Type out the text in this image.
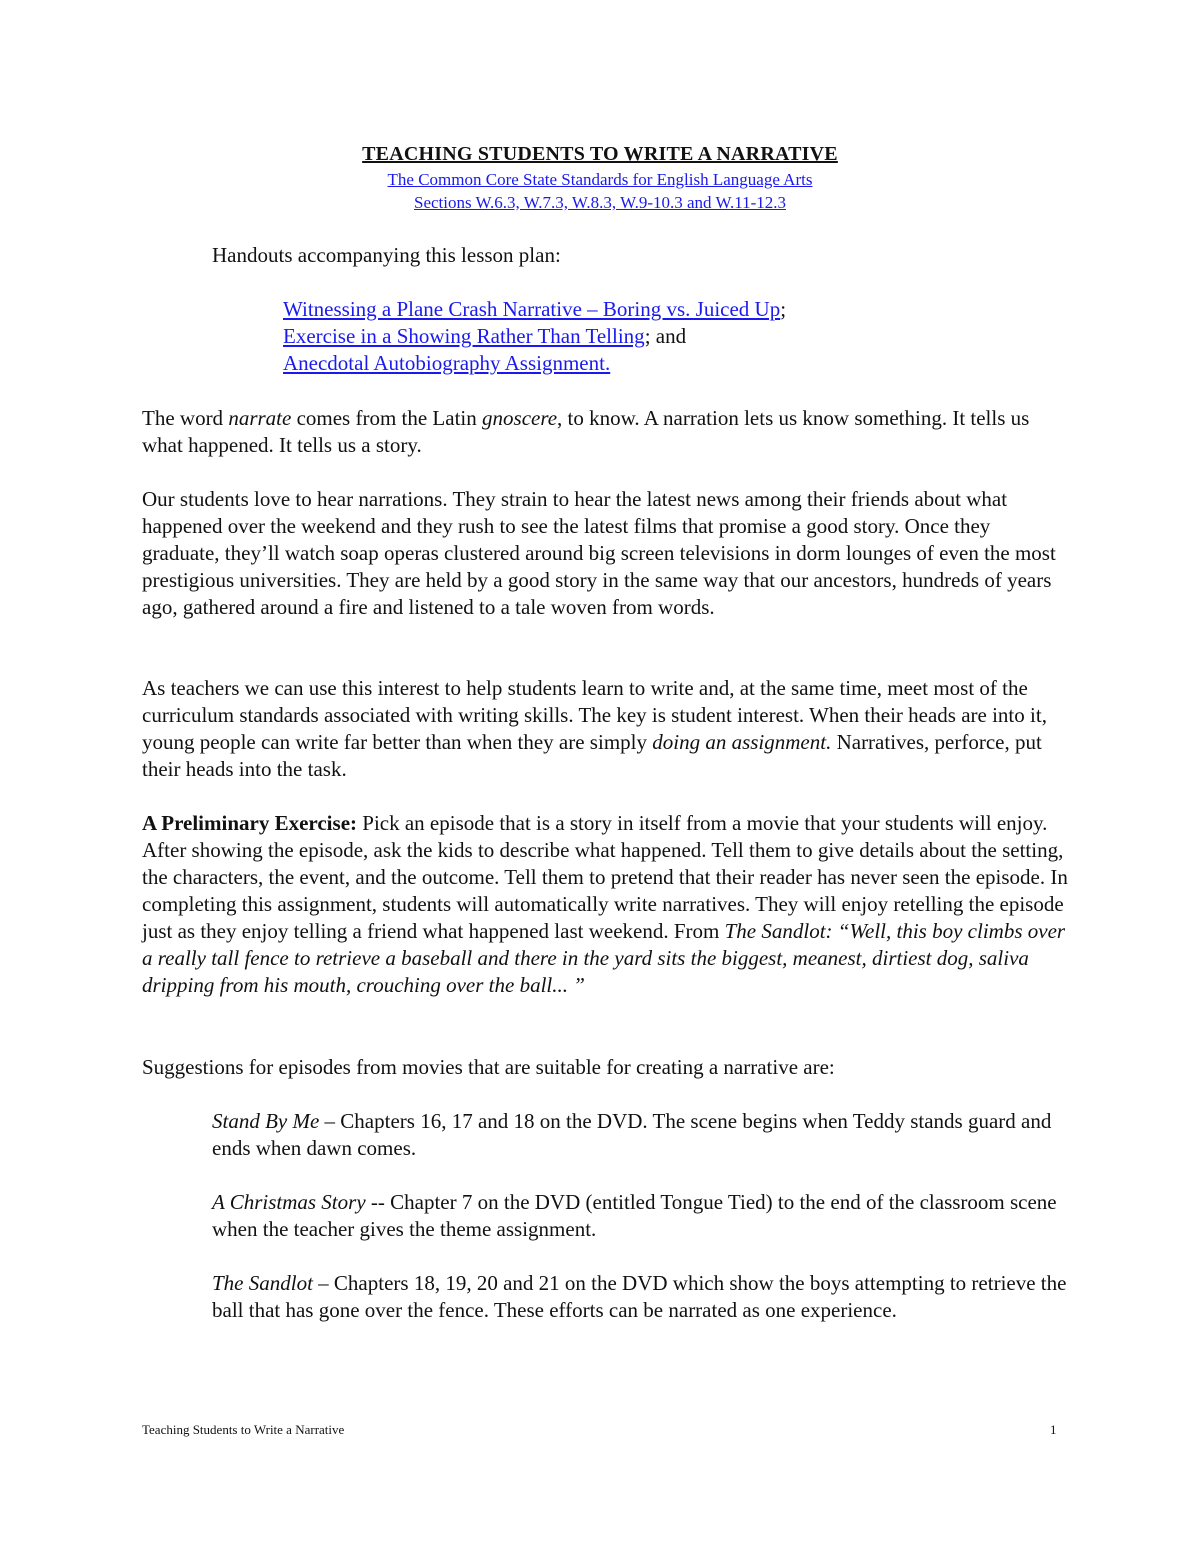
TEACHING STUDENTS TO WRITE A NARRATIVE
The Common Core State Standards for English Language Arts
Sections W.6.3, W.7.3, W.8.3, W.9-10.3 and W.11-12.3
Handouts accompanying this lesson plan:
Witnessing a Plane Crash Narrative – Boring vs. Juiced Up;
Exercise in a Showing Rather Than Telling; and
Anecdotal Autobiography Assignment.

The word narrate comes from the Latin gnoscere, to know. A narration lets us know something. It tells us what happened. It tells us a story.

Our students love to hear narrations. They strain to hear the latest news among their friends about what happened over the weekend and they rush to see the latest films that promise a good story. Once they graduate, they’ll watch soap operas clustered around big screen televisions in dorm lounges of even the most prestigious universities. They are held by a good story in the same way that our ancestors, hundreds of years ago, gathered around a fire and listened to a tale woven from words.

As teachers we can use this interest to help students learn to write and, at the same time, meet most of the curriculum standards associated with writing skills. The key is student interest. When their heads are into it, young people can write far better than when they are simply doing an assignment. Narratives, perforce, put their heads into the task.

A Preliminary Exercise: Pick an episode that is a story in itself from a movie that your students will enjoy. After showing the episode, ask the kids to describe what happened. Tell them to give details about the setting, the characters, the event, and the outcome. Tell them to pretend that their reader has never seen the episode. In completing this assignment, students will automatically write narratives. They will enjoy retelling the episode just as they enjoy telling a friend what happened last weekend. From The Sandlot: “Well, this boy climbs over a really tall fence to retrieve a baseball and there in the yard sits the biggest, meanest, dirtiest dog, saliva dripping from his mouth, crouching over the ball... ”

Suggestions for episodes from movies that are suitable for creating a narrative are:

Stand By Me – Chapters 16, 17 and 18 on the DVD. The scene begins when Teddy stands guard and ends when dawn comes.

A Christmas Story -- Chapter 7 on the DVD (entitled Tongue Tied) to the end of the classroom scene when the teacher gives the theme assignment.

The Sandlot – Chapters 18, 19, 20 and 21 on the DVD which show the boys attempting to retrieve the ball that has gone over the fence. These efforts can be narrated as one experience.

Teaching Students to Write a Narrative	1
